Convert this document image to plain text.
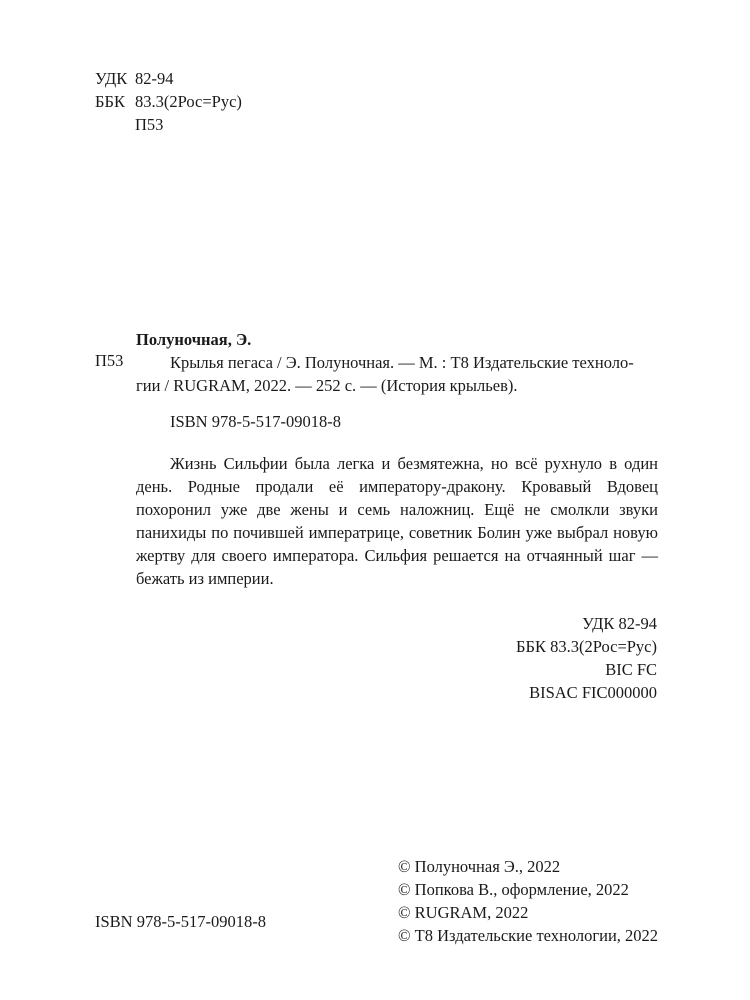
УДК 82-94
ББК 83.3(2Рос=Рус)
П53
Полуночная, Э.
П53	Крылья пегаса / Э. Полуночная. — М. : Т8 Издательские техноло-
гии / RUGRAM, 2022. — 252 с. — (История крыльев).
ISBN 978-5-517-09018-8

Жизнь Сильфии была легка и безмятежна, но всё рухнуло в один день. Родные продали её императору-дракону. Кровавый Вдовец похоронил уже две жены и семь наложниц. Ещё не смолкли звуки панихиды по почившей императрице, советник Болин уже выбрал новую жертву для своего императора. Сильфия решается на отчаянный шаг — бежать из империи.

УДК 82-94
ББК 83.3(2Рос=Рус)
BIC FC
BISAC FIC000000
© Полуночная Э., 2022
© Попкова В., оформление, 2022
© RUGRAM, 2022
© Т8 Издательские технологии, 2022
ISBN 978-5-517-09018-8
